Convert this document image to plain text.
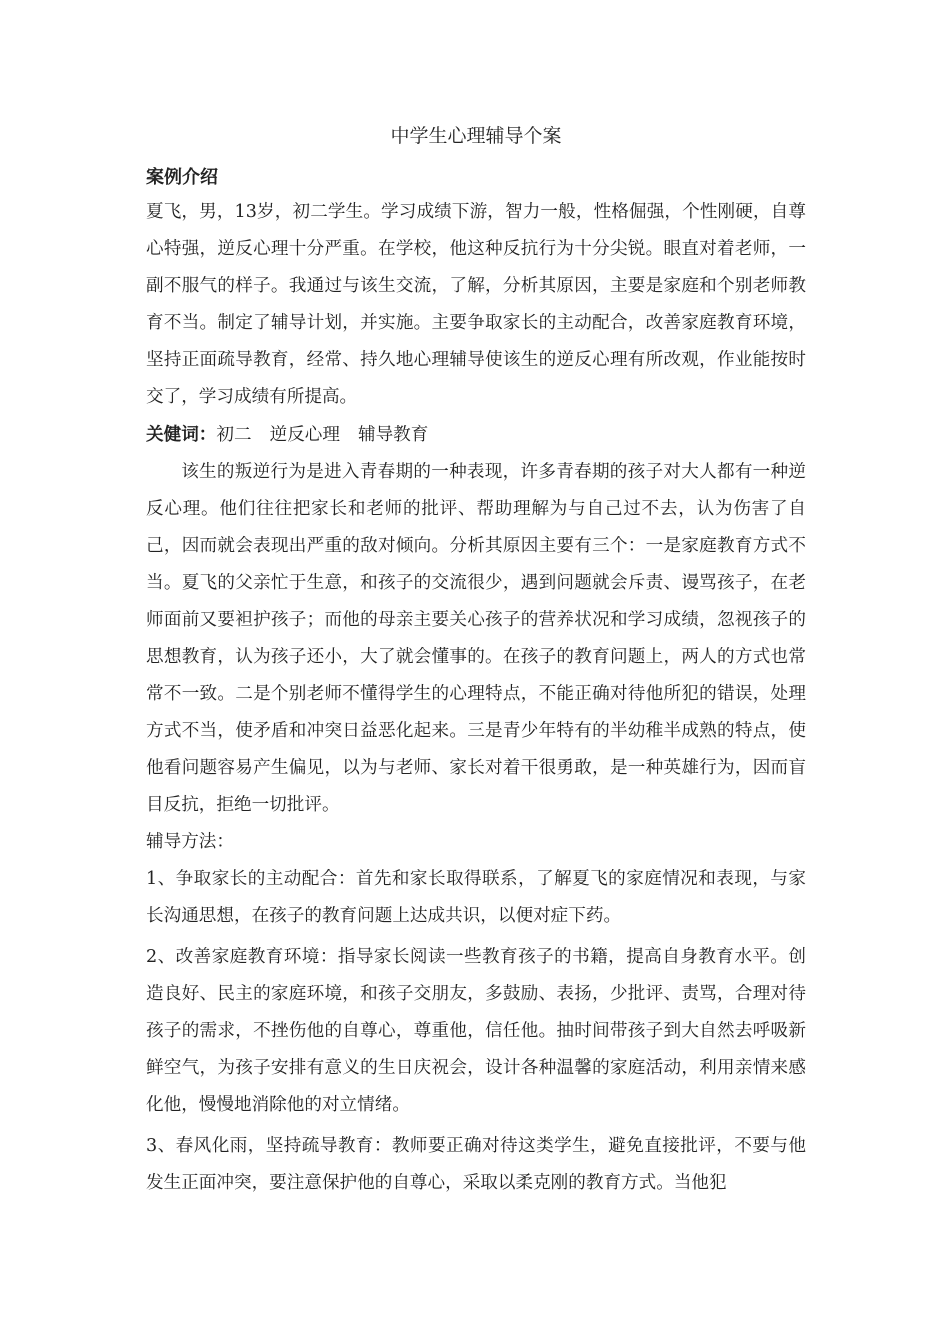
中学生心理辅导个案
案例介绍

夏飞，男，13岁，初二学生。学习成绩下游，智力一般，性格倔强，个性刚硬，自尊心特强，逆反心理十分严重。在学校，他这种反抗行为十分尖锐。眼直对着老师，一副不服气的样子。我通过与该生交流，了解，分析其原因，主要是家庭和个别老师教育不当。制定了辅导计划，并实施。主要争取家长的主动配合，改善家庭教育环境，坚持正面疏导教育，经常、持久地心理辅导使该生的逆反心理有所改观，作业能按时交了，学习成绩有所提高。

关健词：初二 逆反心理 辅导教育

该生的叛逆行为是进入青春期的一种表现，许多青春期的孩子对大人都有一种逆反心理。他们往往把家长和老师的批评、帮助理解为与自己过不去，认为伤害了自己，因而就会表现出严重的敌对倾向。分析其原因主要有三个：一是家庭教育方式不当。夏飞的父亲忙于生意，和孩子的交流很少，遇到问题就会斥责、谩骂孩子，在老师面前又要袒护孩子；而他的母亲主要关心孩子的营养状况和学习成绩，忽视孩子的思想教育，认为孩子还小，大了就会懂事的。在孩子的教育问题上，两人的方式也常常不一致。二是个别老师不懂得学生的心理特点，不能正确对待他所犯的错误，处理方式不当，使矛盾和冲突日益恶化起来。三是青少年特有的半幼稚半成熟的特点，使他看问题容易产生偏见，以为与老师、家长对着干很勇敢，是一种英雄行为，因而盲目反抗，拒绝一切批评。

辅导方法：

1、争取家长的主动配合：首先和家长取得联系，了解夏飞的家庭情况和表现，与家长沟通思想，在孩子的教育问题上达成共识，以便对症下药。

2、改善家庭教育环境：指导家长阅读一些教育孩子的书籍，提高自身教育水平。创造良好、民主的家庭环境，和孩子交朋友，多鼓励、表扬，少批评、责骂，合理对待孩子的需求，不挫伤他的自尊心，尊重他，信任他。抽时间带孩子到大自然去呼吸新鲜空气，为孩子安排有意义的生日庆祝会，设计各种温馨的家庭活动，利用亲情来感化他，慢慢地消除他的对立情绪。

3、春风化雨，坚持疏导教育：教师要正确对待这类学生，避免直接批评，不要与他发生正面冲突，要注意保护他的自尊心，采取以柔克刚的教育方式。当他犯
